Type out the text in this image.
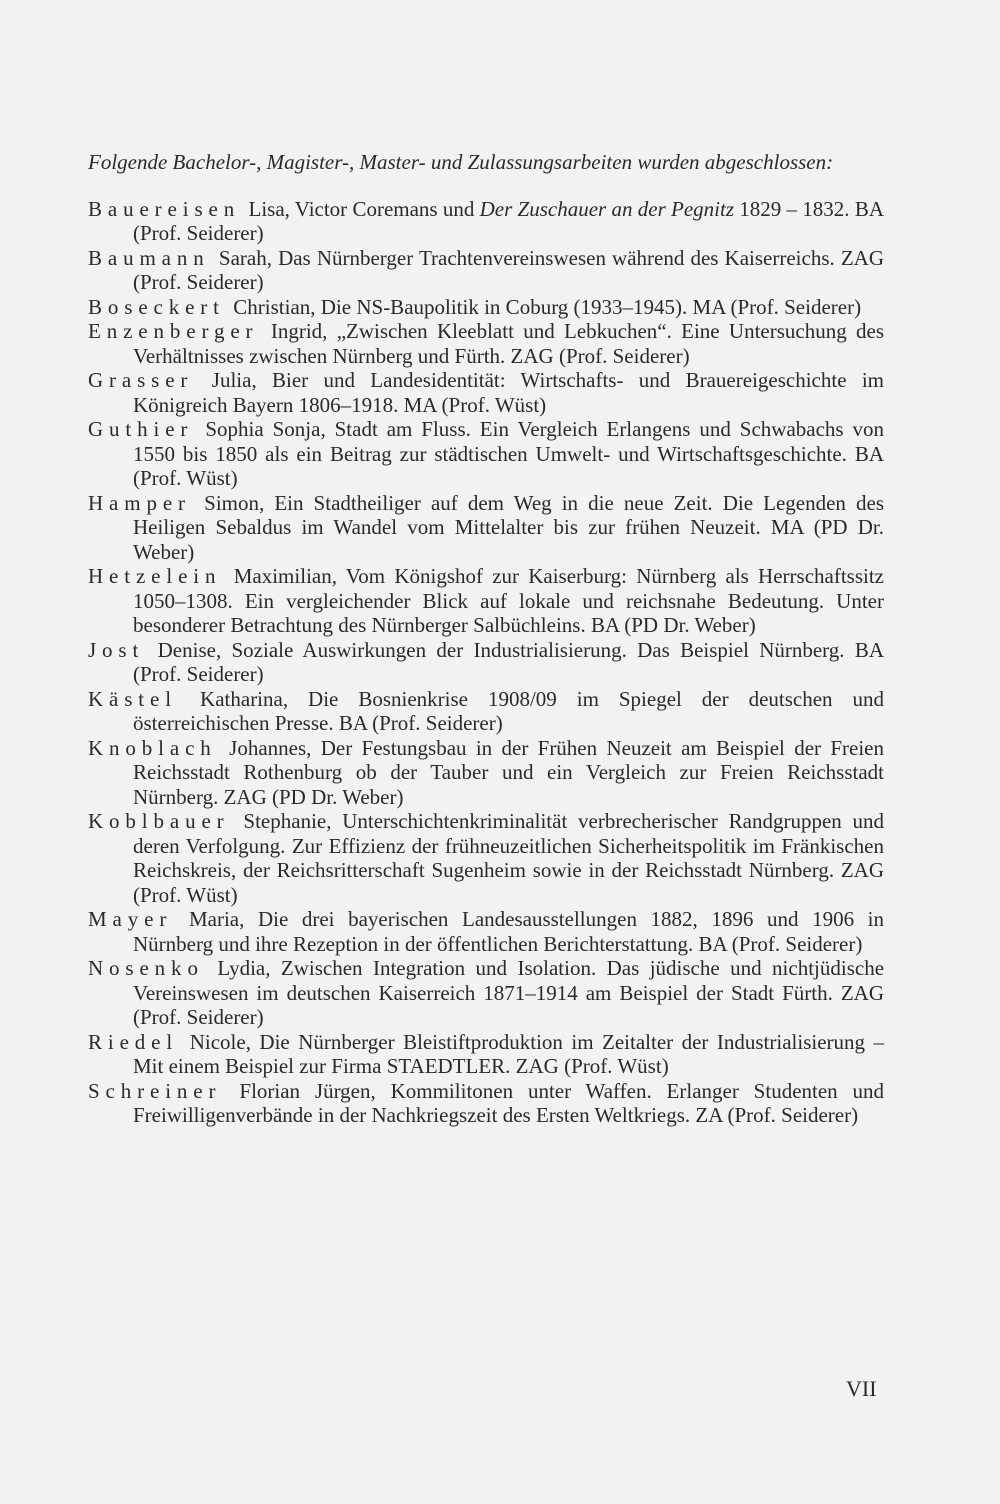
Folgende Bachelor-, Magister-, Master- und Zulassungsarbeiten wurden abgeschlossen:

Bauereisen Lisa, Victor Coremans und Der Zuschauer an der Pegnitz 1829 – 1832. BA (Prof. Seiderer)
Baumann Sarah, Das Nürnberger Trachtenvereinswesen während des Kaiserreichs. ZAG (Prof. Seiderer)
Boseckert Christian, Die NS-Baupolitik in Coburg (1933–1945). MA (Prof. Seiderer)
Enzenberger Ingrid, „Zwischen Kleeblatt und Lebkuchen“. Eine Untersuchung des Verhältnisses zwischen Nürnberg und Fürth. ZAG (Prof. Seiderer)
Grasser Julia, Bier und Landesidentität: Wirtschafts- und Brauereigeschichte im Königreich Bayern 1806–1918. MA (Prof. Wüst)
Guthier Sophia Sonja, Stadt am Fluss. Ein Vergleich Erlangens und Schwabachs von 1550 bis 1850 als ein Beitrag zur städtischen Umwelt- und Wirtschaftsgeschichte. BA (Prof. Wüst)
Hamper Simon, Ein Stadtheiliger auf dem Weg in die neue Zeit. Die Legenden des Heiligen Sebaldus im Wandel vom Mittelalter bis zur frühen Neuzeit. MA (PD Dr. Weber)
Hetzelein Maximilian, Vom Königshof zur Kaiserburg: Nürnberg als Herrschaftssitz 1050–1308. Ein vergleichender Blick auf lokale und reichsnahe Bedeutung. Unter besonderer Betrachtung des Nürnberger Salbüchleins. BA (PD Dr. Weber)
Jost Denise, Soziale Auswirkungen der Industrialisierung. Das Beispiel Nürnberg. BA (Prof. Seiderer)
Kästel Katharina, Die Bosnienkrise 1908/09 im Spiegel der deutschen und österreichischen Presse. BA (Prof. Seiderer)
Knoblach Johannes, Der Festungsbau in der Frühen Neuzeit am Beispiel der Freien Reichsstadt Rothenburg ob der Tauber und ein Vergleich zur Freien Reichsstadt Nürnberg. ZAG (PD Dr. Weber)
Koblbauer Stephanie, Unterschichtenkriminalität verbrecherischer Randgruppen und deren Verfolgung. Zur Effizienz der frühneuzeitlichen Sicherheitspolitik im Fränkischen Reichskreis, der Reichsritterschaft Sugenheim sowie in der Reichsstadt Nürnberg. ZAG (Prof. Wüst)
Mayer Maria, Die drei bayerischen Landesausstellungen 1882, 1896 und 1906 in Nürnberg und ihre Rezeption in der öffentlichen Berichterstattung. BA (Prof. Seiderer)
Nosenko Lydia, Zwischen Integration und Isolation. Das jüdische und nichtjüdische Vereinswesen im deutschen Kaiserreich 1871–1914 am Beispiel der Stadt Fürth. ZAG (Prof. Seiderer)
Riedel Nicole, Die Nürnberger Bleistiftproduktion im Zeitalter der Industrialisierung – Mit einem Beispiel zur Firma STAEDTLER. ZAG (Prof. Wüst)
Schreiner Florian Jürgen, Kommilitonen unter Waffen. Erlanger Studenten und Freiwilligenverbände in der Nachkriegszeit des Ersten Weltkriegs. ZA (Prof. Seiderer)
VII
